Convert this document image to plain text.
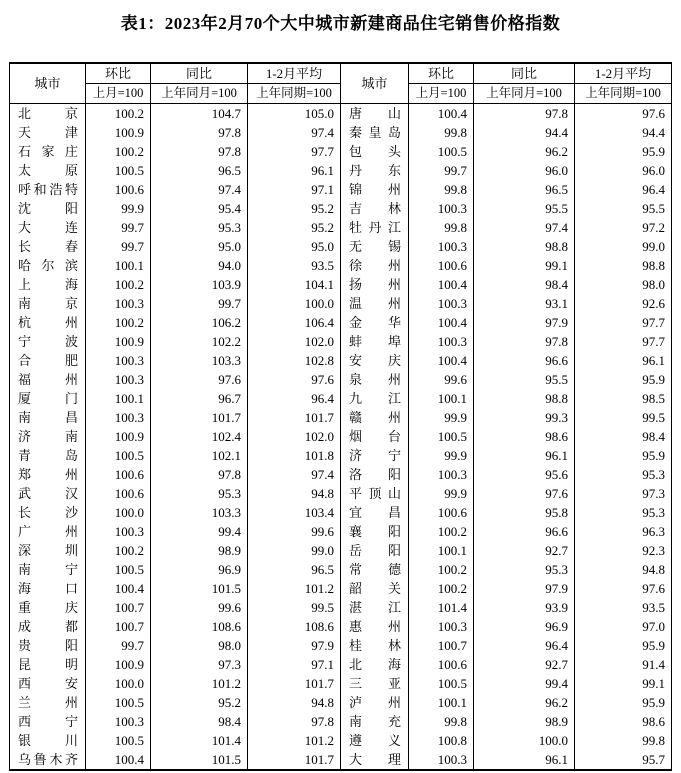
表1：2023年2月70个大中城市新建商品住宅销售价格指数
城市	环比	同比	1-2月平均	城市	环比	同比	1-2月平均
	上月=100	上年同月=100	上年同期=100		上月=100	上年同月=100	上年同期=100

北京	100.2	104.7	105.0	唐山	100.4	97.8	97.6

天津	100.9	97.8	97.4	秦皇岛	99.8	94.4	94.4

石家庄	100.2	97.8	97.7	包头	100.5	96.2	95.9

太原	100.5	96.5	96.1	丹东	99.7	96.0	96.0

呼和浩特	100.6	97.4	97.1	锦州	99.8	96.5	96.4

沈阳	99.9	95.4	95.2	吉林	100.3	95.5	95.5

大连	99.7	95.3	95.2	牡丹江	99.8	97.4	97.2

长春	99.7	95.0	95.0	无锡	100.3	98.8	99.0

哈尔滨	100.1	94.0	93.5	徐州	100.6	99.1	98.8

上海	100.2	103.9	104.1	扬州	100.4	98.4	98.0

南京	100.3	99.7	100.0	温州	100.3	93.1	92.6

杭州	100.2	106.2	106.4	金华	100.4	97.9	97.7

宁波	100.9	102.2	102.0	蚌埠	100.3	97.8	97.7

合肥	100.3	103.3	102.8	安庆	100.4	96.6	96.1

福州	100.3	97.6	97.6	泉州	99.6	95.5	95.9

厦门	100.1	96.7	96.4	九江	100.1	98.8	98.5

南昌	100.3	101.7	101.7	赣州	99.9	99.3	99.5

济南	100.9	102.4	102.0	烟台	100.5	98.6	98.4

青岛	100.5	102.1	101.8	济宁	99.9	96.1	95.9

郑州	100.6	97.8	97.4	洛阳	100.3	95.6	95.3

武汉	100.6	95.3	94.8	平顶山	99.9	97.6	97.3

长沙	100.0	103.3	103.4	宜昌	100.6	95.8	95.3

广州	100.3	99.4	99.6	襄阳	100.2	96.6	96.3

深圳	100.2	98.9	99.0	岳阳	100.1	92.7	92.3

南宁	100.5	96.9	96.5	常德	100.2	95.3	94.8

海口	100.4	101.5	101.2	韶关	100.2	97.9	97.6

重庆	100.7	99.6	99.5	湛江	101.4	93.9	93.5

成都	100.7	108.6	108.6	惠州	100.3	96.9	97.0

贵阳	99.7	98.0	97.9	桂林	100.7	96.4	95.9

昆明	100.9	97.3	97.1	北海	100.6	92.7	91.4

西安	100.0	101.2	101.7	三亚	100.5	99.4	99.1

兰州	100.5	95.2	94.8	泸州	100.1	96.2	95.9

西宁	100.3	98.4	97.8	南充	99.8	98.9	98.6

银川	100.5	101.4	101.2	遵义	100.8	100.0	99.8

乌鲁木齐	100.4	101.5	101.7	大理	100.3	96.1	95.7
